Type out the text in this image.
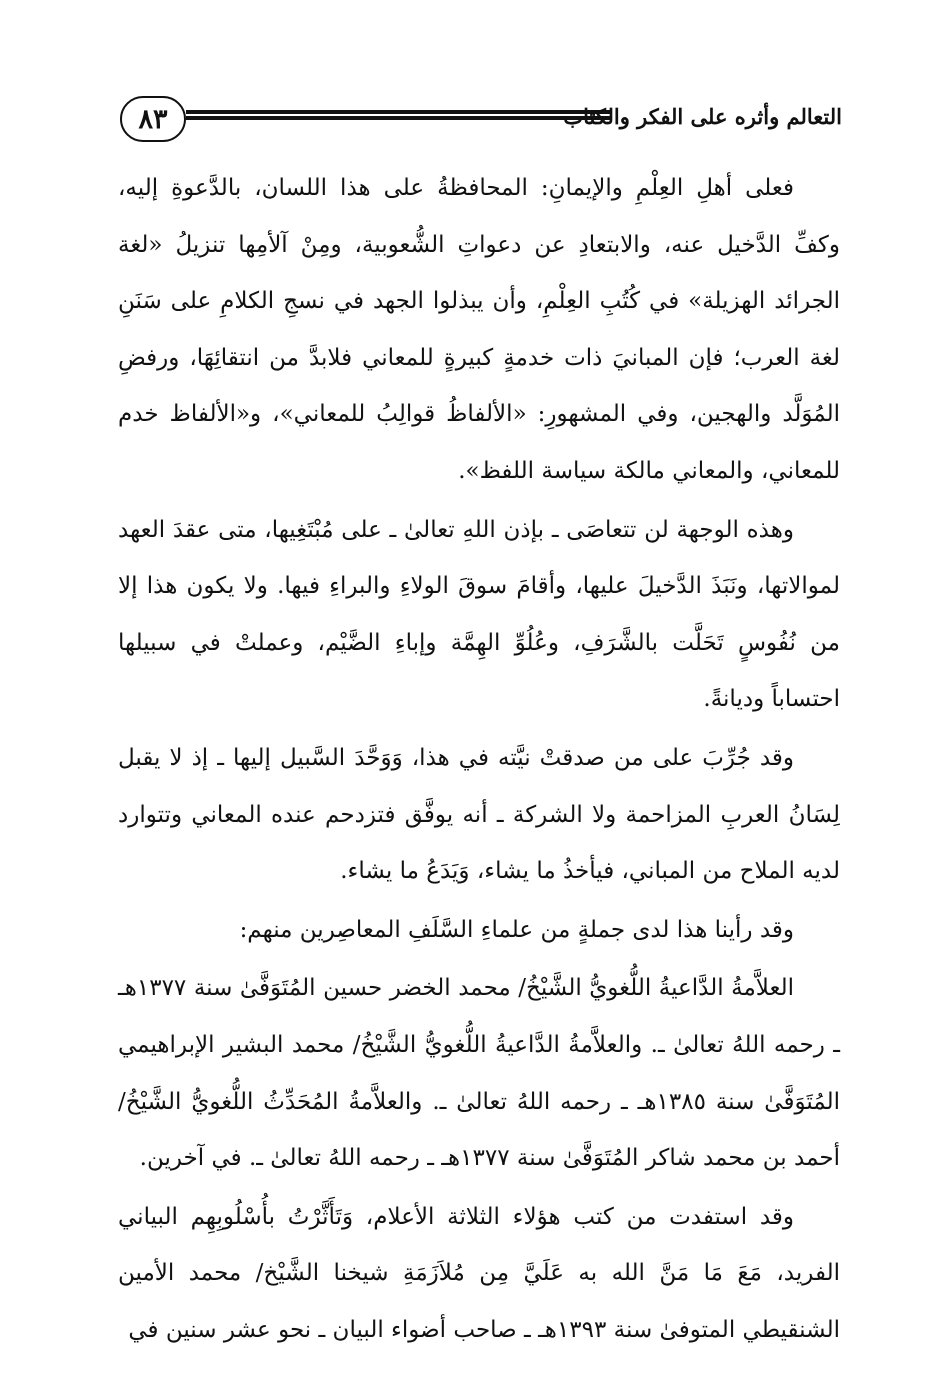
٨٣	التعالم وأثره على الفكر والكتاب

فعلى أهلِ العِلْمِ والإيمانِ: المحافظةُ على هذا اللسان، بالدَّعوةِ إليه، وكفِّ الدَّخيل عنه، والابتعادِ عن دعواتِ الشُّعوبية، ومِنْ آلأمِها تنزيلُ «لغة الجرائد الهزيلة» في كُتُبِ العِلْمِ، وأن يبذلوا الجهد في نسجِ الكلامِ على سَنَنِ لغة العرب؛ فإن المبانيَ ذات خدمةٍ كبيرةٍ للمعاني فلابدَّ من انتقائِهَا، ورفضِ المُوَلَّد والهجين، وفي المشهورِ: «الألفاظُ قوالِبُ للمعاني»، و«الألفاظ خدم للمعاني، والمعاني مالكة سياسة اللفظ».

وهذه الوجهة لن تتعاصَى ـ بإذن اللهِ تعالىٰ ـ على مُبْتَغِيها، متى عقدَ العهد لموالاتها، ونَبَذَ الدَّخيلَ عليها، وأقامَ سوقَ الولاءِ والبراءِ فيها. ولا يكون هذا إلا من نُفُوسٍ تَحَلَّت بالشَّرَفِ، وعُلُوِّ الهِمَّة وإباءِ الضَّيْم، وعملتْ في سبيلها احتساباً وديانةً.

وقد جُرِّبَ على من صدقتْ نيَّته في هذا، وَوَحَّدَ السَّبيل إليها ـ إذ لا يقبل لِسَانُ العربِ المزاحمة ولا الشركة ـ أنه يوفَّق فتزدحم عنده المعاني وتتوارد لديه الملاح من المباني، فيأخذُ ما يشاء، وَيَدَعُ ما يشاء.

وقد رأينا هذا لدى جملةٍ من علماءِ السَّلَفِ المعاصِرين منهم:

العلاَّمةُ الدَّاعيةُ اللُّغويُّ الشَّيْخُ/ محمد الخضر حسين المُتَوَفَّىٰ سنة ١٣٧٧هـ ـ رحمه اللهُ تعالىٰ ـ. والعلاَّمةُ الدَّاعيةُ اللُّغويُّ الشَّيْخُ/ محمد البشير الإبراهيمي المُتَوَفَّىٰ سنة ١٣٨٥هـ ـ رحمه اللهُ تعالىٰ ـ. والعلاَّمةُ المُحَدِّثُ اللُّغويُّ الشَّيْخُ/ أحمد بن محمد شاكر المُتَوَفَّىٰ سنة ١٣٧٧هـ ـ رحمه اللهُ تعالىٰ ـ. في آخرين.

وقد استفدت من كتب هؤلاء الثلاثة الأعلام، وَتَأَثَّرْتُ بأُسْلُوبِهِم البياني الفريد، مَعَ مَا مَنَّ الله به عَلَيَّ مِن مُلاَزَمَةِ شيخنا الشَّيْخ/ محمد الأمين الشنقيطي المتوفىٰ سنة ١٣٩٣هـ ـ صاحب أضواء البيان ـ نحو عشر سنين في
